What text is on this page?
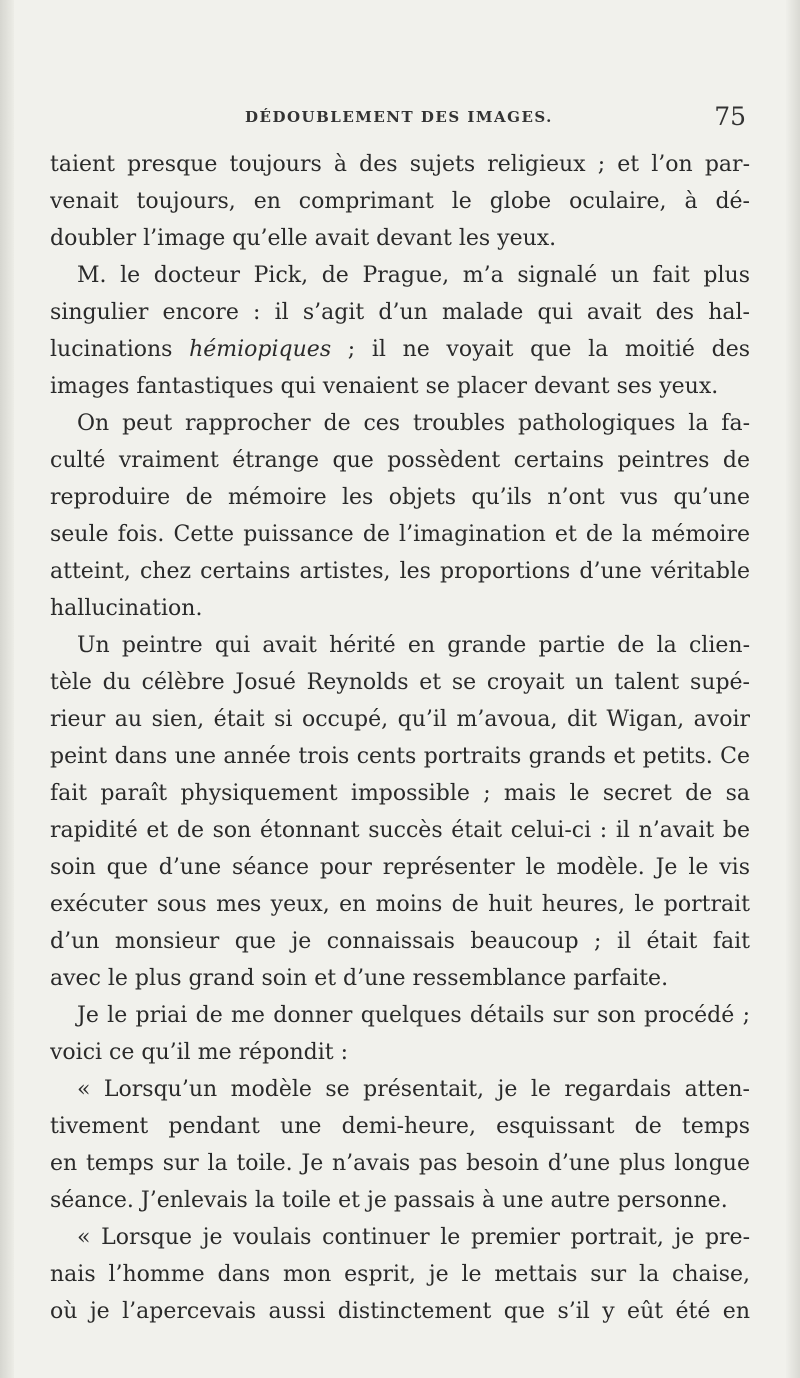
DÉDOUBLEMENT DES IMAGES.	75
taient presque toujours à des sujets religieux ; et l’on par-
venait toujours, en comprimant le globe oculaire, à dé-
doubler l’image qu’elle avait devant les yeux.
M. le docteur Pick, de Prague, m’a signalé un fait plus
singulier encore : il s’agit d’un malade qui avait des hal-
lucinations hémiopiques ; il ne voyait que la moitié des
images fantastiques qui venaient se placer devant ses yeux.
On peut rapprocher de ces troubles pathologiques la fa-
culté vraiment étrange que possèdent certains peintres de
reproduire de mémoire les objets qu’ils n’ont vus qu’une
seule fois. Cette puissance de l’imagination et de la mémoire
atteint, chez certains artistes, les proportions d’une véritable
hallucination.
Un peintre qui avait hérité en grande partie de la clien-
tèle du célèbre Josué Reynolds et se croyait un talent supé-
rieur au sien, était si occupé, qu’il m’avoua, dit Wigan, avoir
peint dans une année trois cents portraits grands et petits. Ce
fait paraît physiquement impossible ; mais le secret de sa
rapidité et de son étonnant succès était celui-ci : il n’avait be
soin que d’une séance pour représenter le modèle. Je le vis
exécuter sous mes yeux, en moins de huit heures, le portrait
d’un monsieur que je connaissais beaucoup ; il était fait
avec le plus grand soin et d’une ressemblance parfaite.
Je le priai de me donner quelques détails sur son procédé ;
voici ce qu’il me répondit :
« Lorsqu’un modèle se présentait, je le regardais atten-
tivement pendant une demi-heure, esquissant de temps
en temps sur la toile. Je n’avais pas besoin d’une plus longue
séance. J’enlevais la toile et je passais à une autre personne.
« Lorsque je voulais continuer le premier portrait, je pre-
nais l’homme dans mon esprit, je le mettais sur la chaise,
où je l’apercevais aussi distinctement que s’il y eût été en
